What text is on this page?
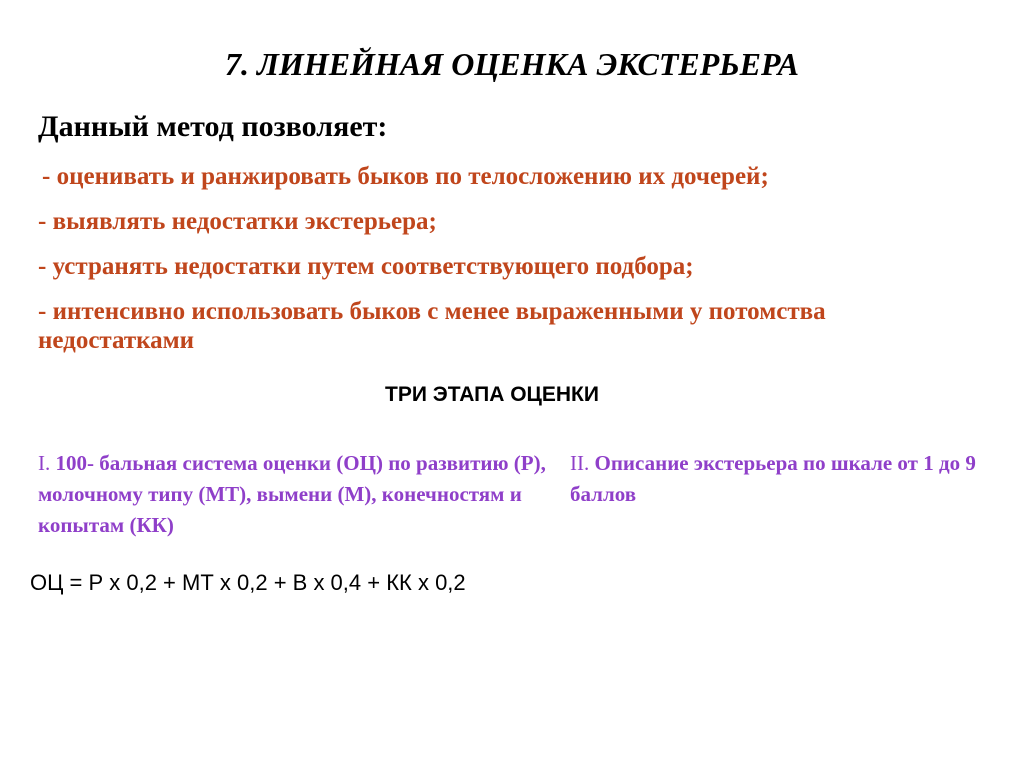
7. ЛИНЕЙНАЯ ОЦЕНКА ЭКСТЕРЬЕРА
Данный метод позволяет:
- оценивать и ранжировать быков по телосложению их дочерей;
- выявлять недостатки экстерьера;
- устранять недостатки путем соответствующего подбора;
- интенсивно использовать быков с менее выраженными у потомства недостатками
ТРИ ЭТАПА ОЦЕНКИ
I. 100- бальная система оценки (ОЦ) по развитию (Р), молочному типу (МТ), вымени (М), конечностям и копытам (КК)
II. Описание экстерьера по шкале от 1 до 9 баллов
ОЦ = Р х 0,2 + МТ х 0,2 + В х 0,4 + КК х 0,2
